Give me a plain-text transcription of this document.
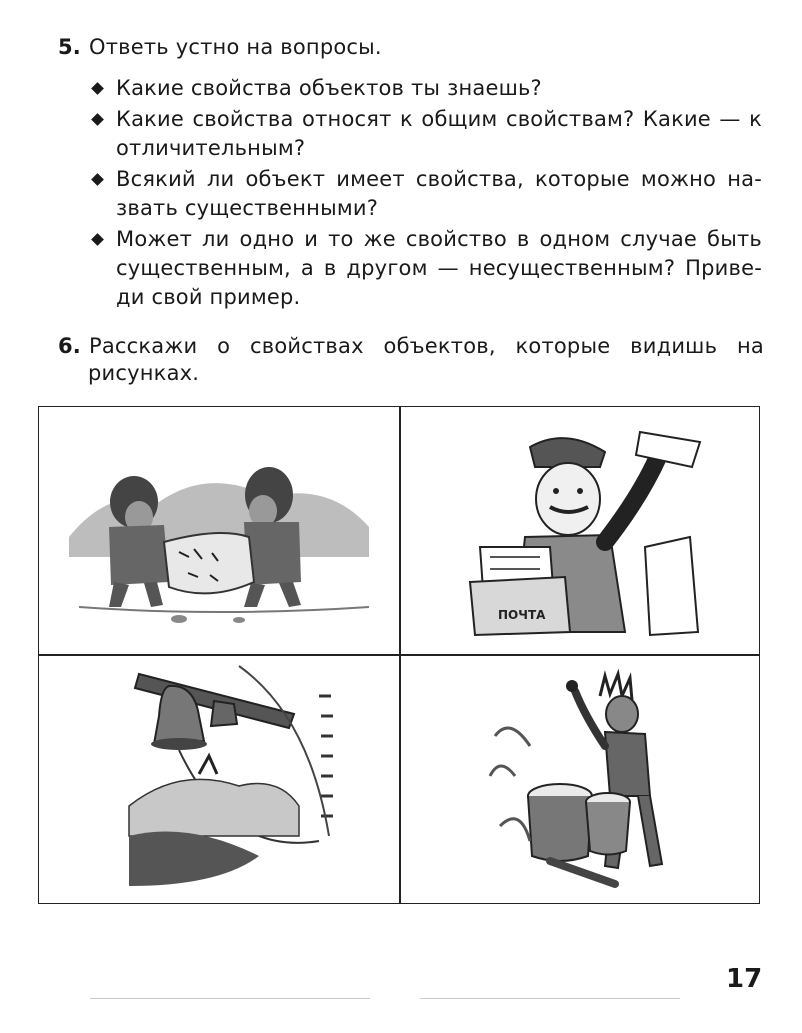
5. Ответь устно на вопросы.
Какие свойства объектов ты знаешь?
Какие свойства относят к общим свойствам? Какие — к отличительным?
Всякий ли объект имеет свойства, которые можно на-звать существенными?
Может ли одно и то же свойство в одном случае быть существенным, а в другом — несущественным? Приве-ди свой пример.
6. Расскажи о свойствах объектов, которые видишь на
рисунках.
ПОЧТА
17
